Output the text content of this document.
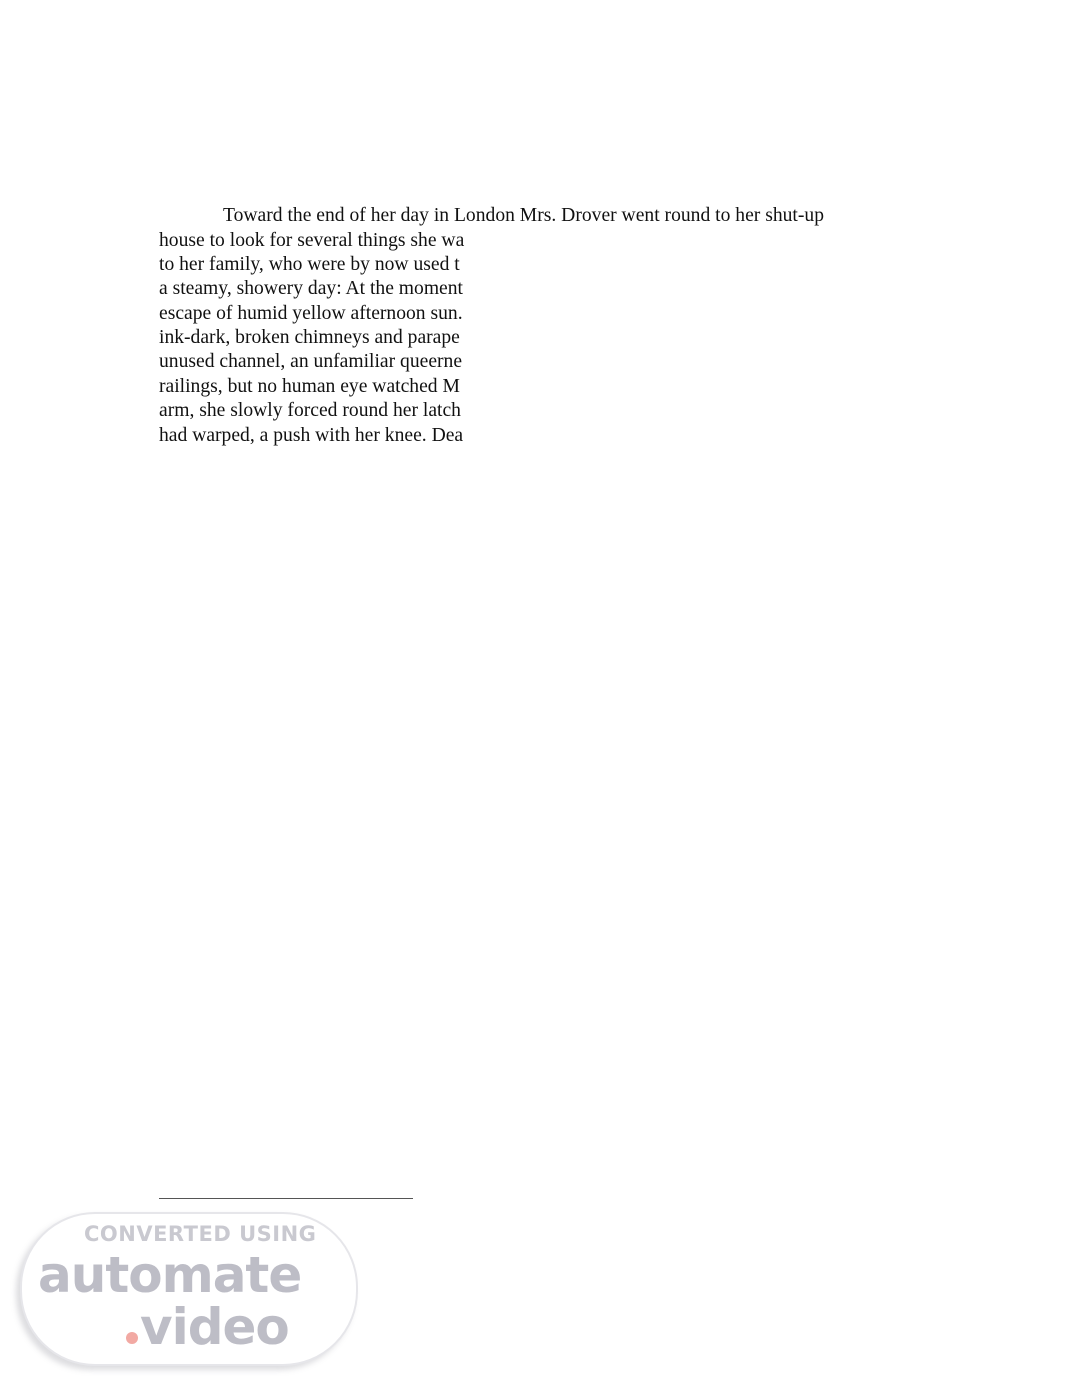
Toward the end of her day in London Mrs. Drover went round to her shut-up
house to look for several things she wa
to her family, who were by now used t
a steamy, showery day: At the moment
escape of humid yellow afternoon sun.
ink-dark, broken chimneys and parape
unused channel, an unfamiliar queerne
railings, but no human eye watched M
arm, she slowly forced round her latch
had warped, a push with her knee. Dea
CONVERTED USING
automate
video
